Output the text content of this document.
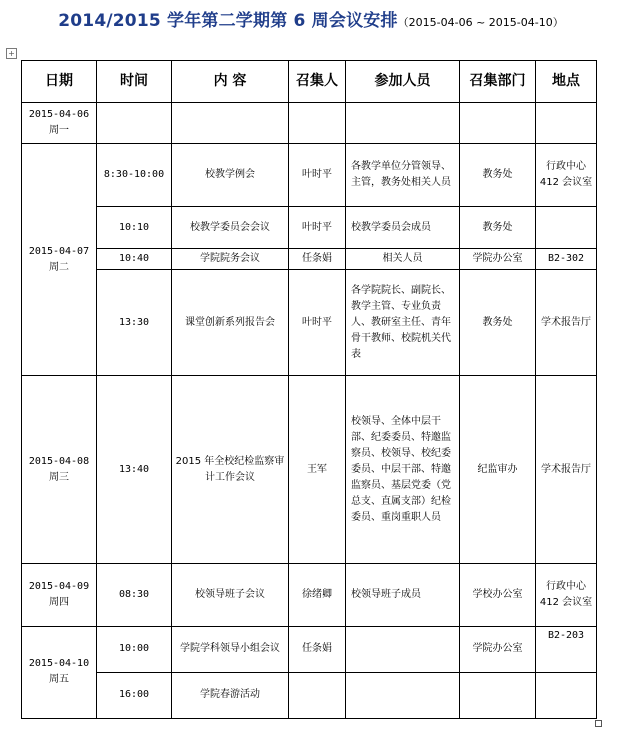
2014/2015 学年第二学期第 6 周会议安排（2015-04-06 ~ 2015-04-10）
+
日期	时间	内 容	召集人	参加人员	召集部门	地点

2015-04-06
周一						

2015-04-07
周二	8:30-10:00	校教学例会	叶时平	各教学单位分管领导、主管，教务处相关人员	教务处	行政中心 412 会议室
	10:10	校教学委员会会议	叶时平	校教学委员会成员	教务处	
	10:40	学院院务会议	任条娟	相关人员	学院办公室	B2-302
	13:30	课堂创新系列报告会	叶时平	各学院院长、副院长、教学主管、专业负责人、教研室主任、青年骨干教师、校院机关代表	教务处	学术报告厅

2015-04-08
周三	13:40	2015 年全校纪检监察审计工作会议	王军	校领导、全体中层干部、纪委委员、特邀监察员、校领导、校纪委委员、中层干部、特邀监察员、基层党委（党总支、直属支部）纪检委员、重岗重职人员	纪监审办	学术报告厅

2015-04-09
周四	08:30	校领导班子会议	徐绪卿	校领导班子成员	学校办公室	行政中心 412 会议室

2015-04-10
周五	10:00	学院学科领导小组会议	任条娟		学院办公室	B2-203
	16:00	学院春游活动				
